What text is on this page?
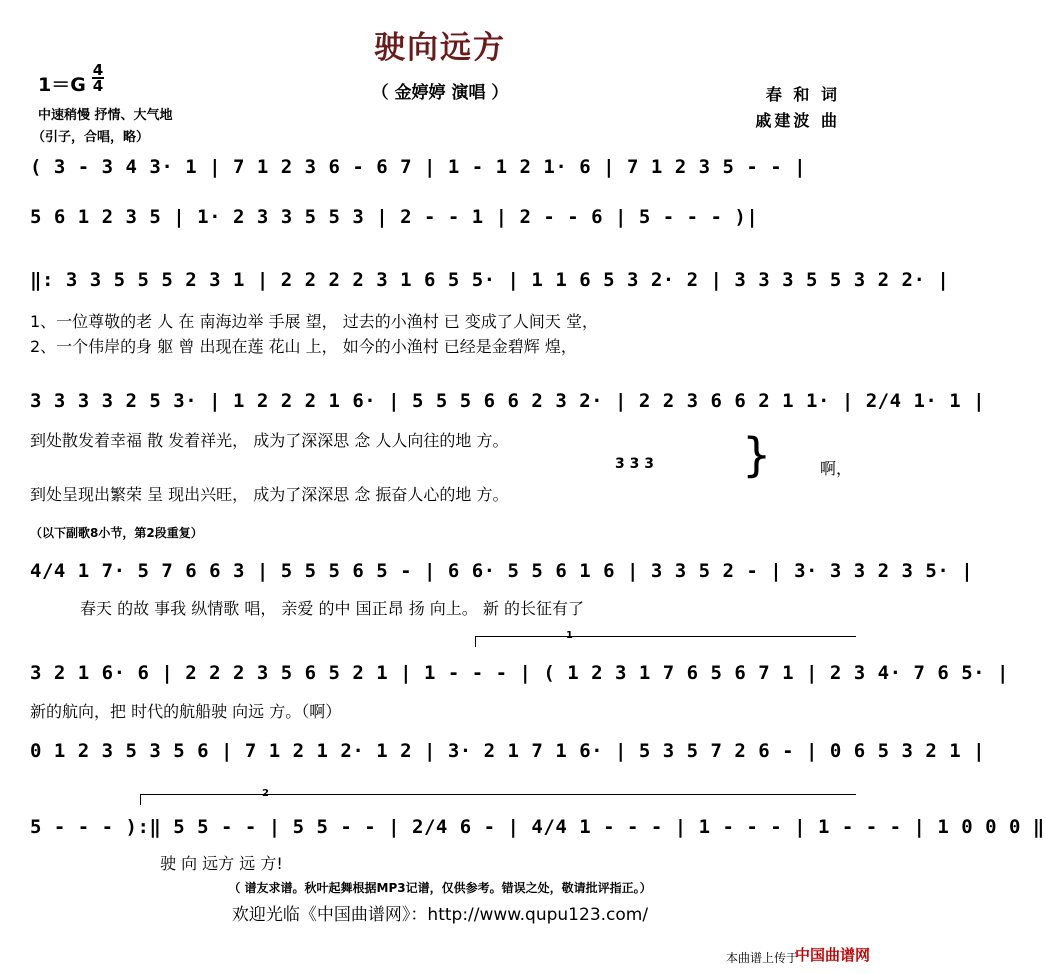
驶向远方
（ 金婷婷 演唱 ）
1＝G
4
4
中速稍慢 抒情、大气地
（引子，合唱，略）
春 和 词
戚建波 曲
( 3 - 3 4 3· 1 | 7 1 2 3 6 - 6 7 | 1 - 1 2 1· 6 | 7 1 2 3 5 - - |
5 6 1 2 3 5 | 1· 2 3 3 5 5 3 | 2 - - 1 | 2 - - 6 | 5 - - - )|
‖: 3 3 5 5 5 2 3 1 | 2 2 2 2 3 1 6 5 5· | 1 1 6 5 3 2· 2 | 3 3 3 5 5 3 2 2· |
1、一位尊敬的老 人 在 南海边举 手展 望， 过去的小渔村 已 变成了人间天 堂，
2、一个伟岸的身 躯 曾 出现在莲 花山 上， 如今的小渔村 已经是金碧辉 煌，
3 3 3 3 2 5 3· | 1 2 2 2 1 6· | 5 5 5 6 6 2 3 2· | 2 2 3 6 6 2 1 1· | 2/4 1· 1 |
到处散发着幸福 散 发着祥光， 成为了深深思 念 人人向往的地 方。
3 3 3
到处呈现出繁荣 呈 现出兴旺， 成为了深深思 念 振奋人心的地 方。
}	啊，
（以下副歌8小节，第2段重复）
4/4 1 7· 5 7 6 6 3 | 5 5 5 6 5 - | 6 6· 5 5 6 1 6 | 3 3 5 2 - | 3· 3 3 2 3 5· |
春天 的故 事我 纵情歌 唱， 亲爱 的中 国正昂 扬 向上。 新 的长征有了
1
3 2 1 6· 6 | 2 2 2 3 5 6 5 2 1 | 1 - - - | ( 1 2 3 1 7 6 5 6 7 1 | 2 3 4· 7 6 5· |
新的航向，把 时代的航船驶 向远 方。（啊）
0 1 2 3 5 3 5 6 | 7 1 2 1 2· 1 2 | 3· 2 1 7 1 6· | 5 3 5 7 2 6 - | 0 6 5 3 2 1 |
2
5 - - - ):‖ 5 5 - - | 5 5 - - | 2/4 6 - | 4/4 1 - - - | 1 - - - | 1 - - - | 1 0 0 0 ‖
驶 向 远方 远 方!
（ 谱友求谱。秋叶起舞根据MP3记谱，仅供参考。错误之处，敬请批评指正。）
欢迎光临《中国曲谱网》：http://www.qupu123.com/
本曲谱上传于
中国曲谱网
